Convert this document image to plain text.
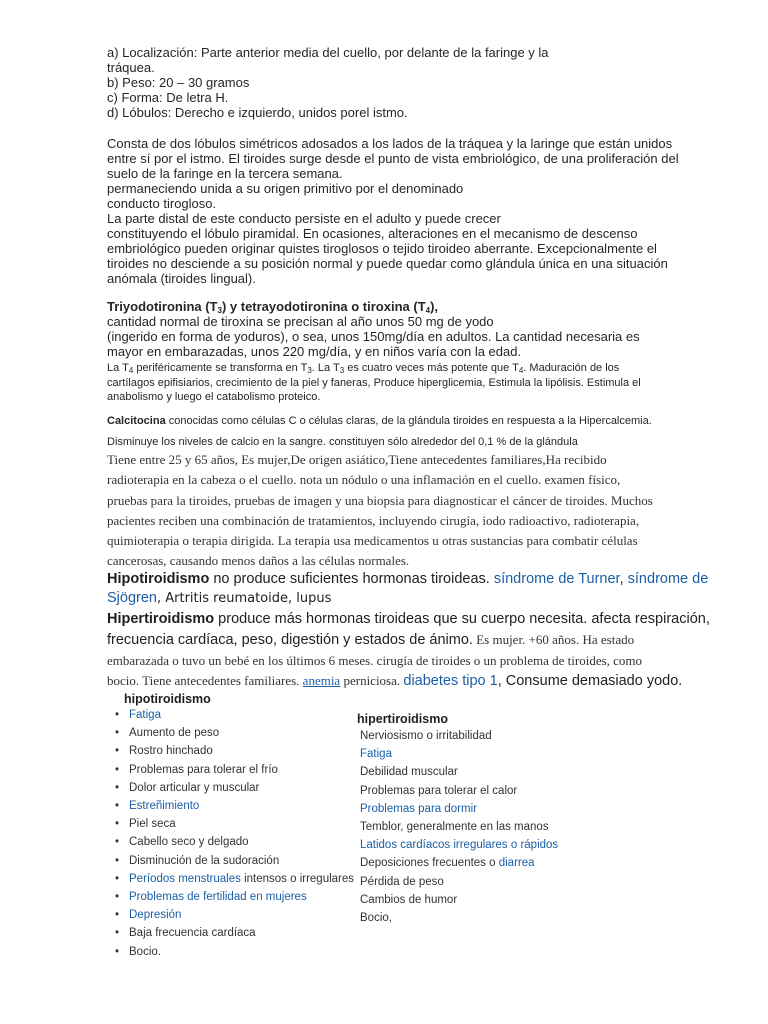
a) Localización: Parte anterior media del cuello, por delante de la faringe y la
tráquea.
b) Peso: 20 – 30 gramos
c) Forma: De letra H.
d) Lóbulos: Derecho e izquierdo, unidos porel istmo.
Consta de dos lóbulos simétricos adosados a los lados de la tráquea y la laringe que están unidos
entre sí por el istmo. El tiroides surge desde el punto de vista embriológico, de una proliferación del
suelo de la faringe en la tercera semana.
permaneciendo unida a su origen primitivo por el denominado
conducto tirogloso.
La parte distal de este conducto persiste en el adulto y puede crecer
constituyendo el lóbulo piramidal. En ocasiones, alteraciones en el mecanismo de descenso
embriológico pueden originar quistes tiroglosos o tejido tiroideo aberrante. Excepcionalmente el
tiroides no desciende a su posición normal y puede quedar como glándula única en una situación
anómala (tiroides lingual).
Triyodotironina $(T_3)$ y tetrayodotironina o tiroxina $(T_4)$,
cantidad normal de tiroxina se precisan al año unos 50 mg de yodo
(ingerido en forma de yoduros), o sea, unos 150mg/día en adultos. La cantidad necesaria es
mayor en embarazadas, unos 220 mg/día, y en niños varía con la edad.
La $T_4$ periféricamente se transforma en $T_3$. La $T_3$ es cuatro veces más potente que $T_4$. Maduración de los
cartílagos epifisiarios, crecimiento de la piel y faneras, Produce hiperglicemia, Estimula la lipólisis. Estimula el
anabolismo y luego el catabolismo proteico.
Calcitocina conocidas como células C o células claras, de la glándula tiroides en respuesta a la Hipercalcemia.
Disminuye los niveles de calcio en la sangre. constituyen sólo alrededor del 0,1 % de la glándula
Tiene entre 25 y 65 años, Es mujer,De origen asiático,Tiene antecedentes familiares,Ha recibido
radioterapia en la cabeza o el cuello. nota un nódulo o una inflamación en el cuello. examen físico,
pruebas para la tiroides, pruebas de imagen y una biopsia para diagnosticar el cáncer de tiroides. Muchos
pacientes reciben una combinación de tratamientos, incluyendo cirugía, iodo radioactivo, radioterapia,
quimioterapia o terapia dirigida. La terapia usa medicamentos u otras sustancias para combatir células
cancerosas, causando menos daños a las células normales.
Hipotiroidismo no produce suficientes hormonas tiroideas. síndrome de Turner, síndrome de
Sjögren, Artritis reumatoide, lupus
Hipertiroidismo produce más hormonas tiroideas que su cuerpo necesita. afecta respiración,
frecuencia cardíaca, peso, digestión y estados de ánimo. Es mujer. +60 años. Ha estado
embarazada o tuvo un bebé en los últimos 6 meses. cirugía de tiroides o un problema de tiroides, como
bocio. Tiene antecedentes familiares. anemia perniciosa. diabetes tipo 1, Consume demasiado yodo.
hipotiroidismo
• Fatiga
• Aumento de peso
• Rostro hinchado
• Problemas para tolerar el frío
• Dolor articular y muscular
• Estreñimiento
• Piel seca
• Cabello seco y delgado
• Disminución de la sudoración
• Períodos menstruales intensos o irregulares
• Problemas de fertilidad en mujeres
• Depresión
• Baja frecuencia cardíaca
• Bocio.
hipertiroidismo
Nerviosismo o irritabilidad
Fatiga
Debilidad muscular
Problemas para tolerar el calor
Problemas para dormir
Temblor, generalmente en las manos
Latidos cardíacos irregulares o rápidos
Deposiciones frecuentes o diarrea
Pérdida de peso
Cambios de humor
Bocio,
